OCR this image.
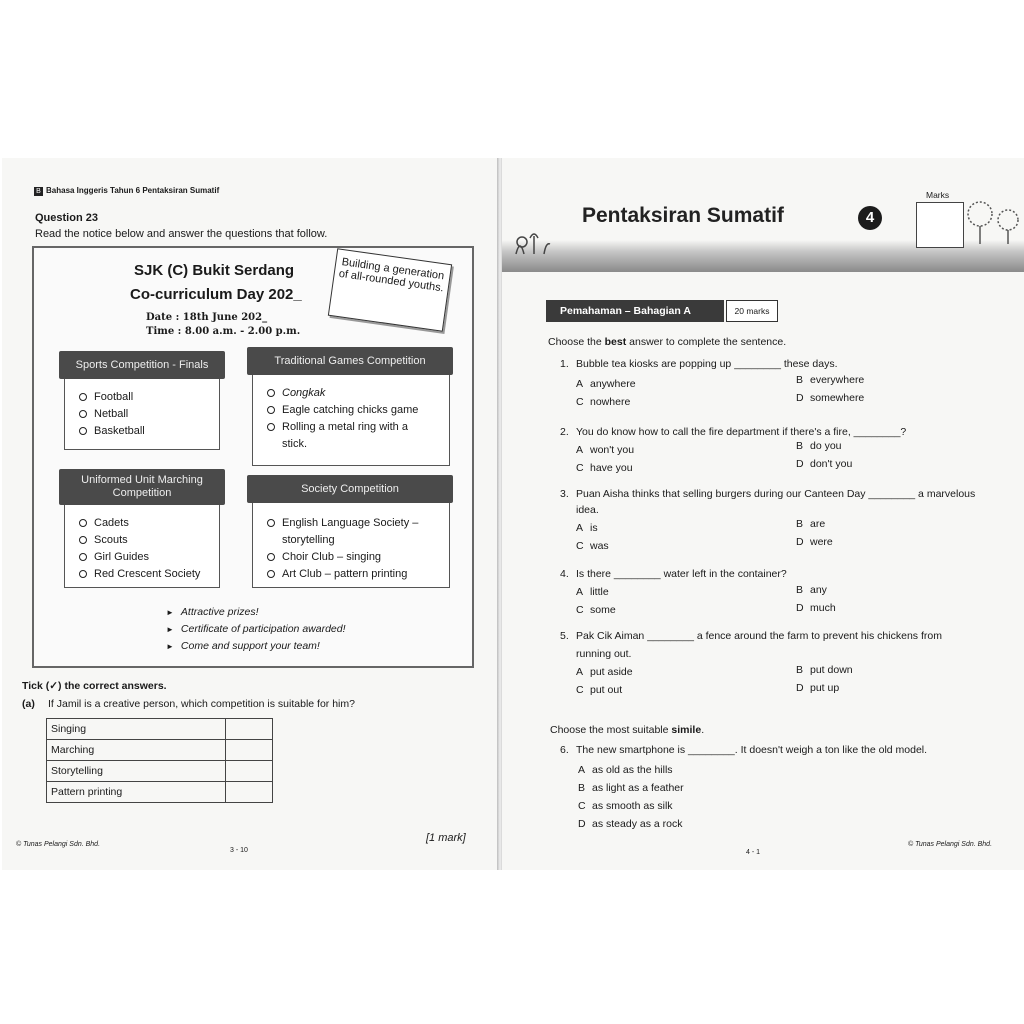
B Bahasa Inggeris Tahun 6 Pentaksiran Sumatif
Question 23
Read the notice below and answer the questions that follow.
SJK (C) Bukit Serdang
Co-curriculum Day 202_
Date : 18th June 202_
Time : 8.00 a.m. - 2.00 p.m.
Building a generation of all-rounded youths.
Sports Competition - Finals
Football
Netball
Basketball
Traditional Games Competition
Congkak
Eagle catching chicks game
Rolling a metal ring with a
stick.
Uniformed Unit Marching Competition
Cadets
Scouts
Girl Guides
Red Crescent Society
Society Competition
English Language Society –
storytelling
Choir Club – singing
Art Club – pattern printing
► Attractive prizes!
► Certificate of participation awarded!
► Come and support your team!
Tick (✓) the correct answers.
(a) If Jamil is a creative person, which competition is suitable for him?
Singing	
Marching	
Storytelling	
Pattern printing	
[1 mark]
© Tunas Pelangi Sdn. Bhd.
3 - 10
Pentaksiran Sumatif	4
Marks
Pemahaman – Bahagian A	20 marks
Choose the best answer to complete the sentence.
1. Bubble tea kiosks are popping up ________ these days.
A anywhere	B everywhere
C nowhere	D somewhere
2. You do know how to call the fire department if there's a fire, ________?
A won't you	B do you
C have you	D don't you
3. Puan Aisha thinks that selling burgers during our Canteen Day ________ a marvelous
idea.
A is	B are
C was	D were
4. Is there ________ water left in the container?
A little	B any
C some	D much
5. Pak Cik Aiman ________ a fence around the farm to prevent his chickens from
running out.
A put aside	B put down
C put out	D put up
Choose the most suitable simile.
6. The new smartphone is ________. It doesn't weigh a ton like the old model.
A as old as the hills
B as light as a feather
C as smooth as silk
D as steady as a rock
4 - 1
© Tunas Pelangi Sdn. Bhd.
